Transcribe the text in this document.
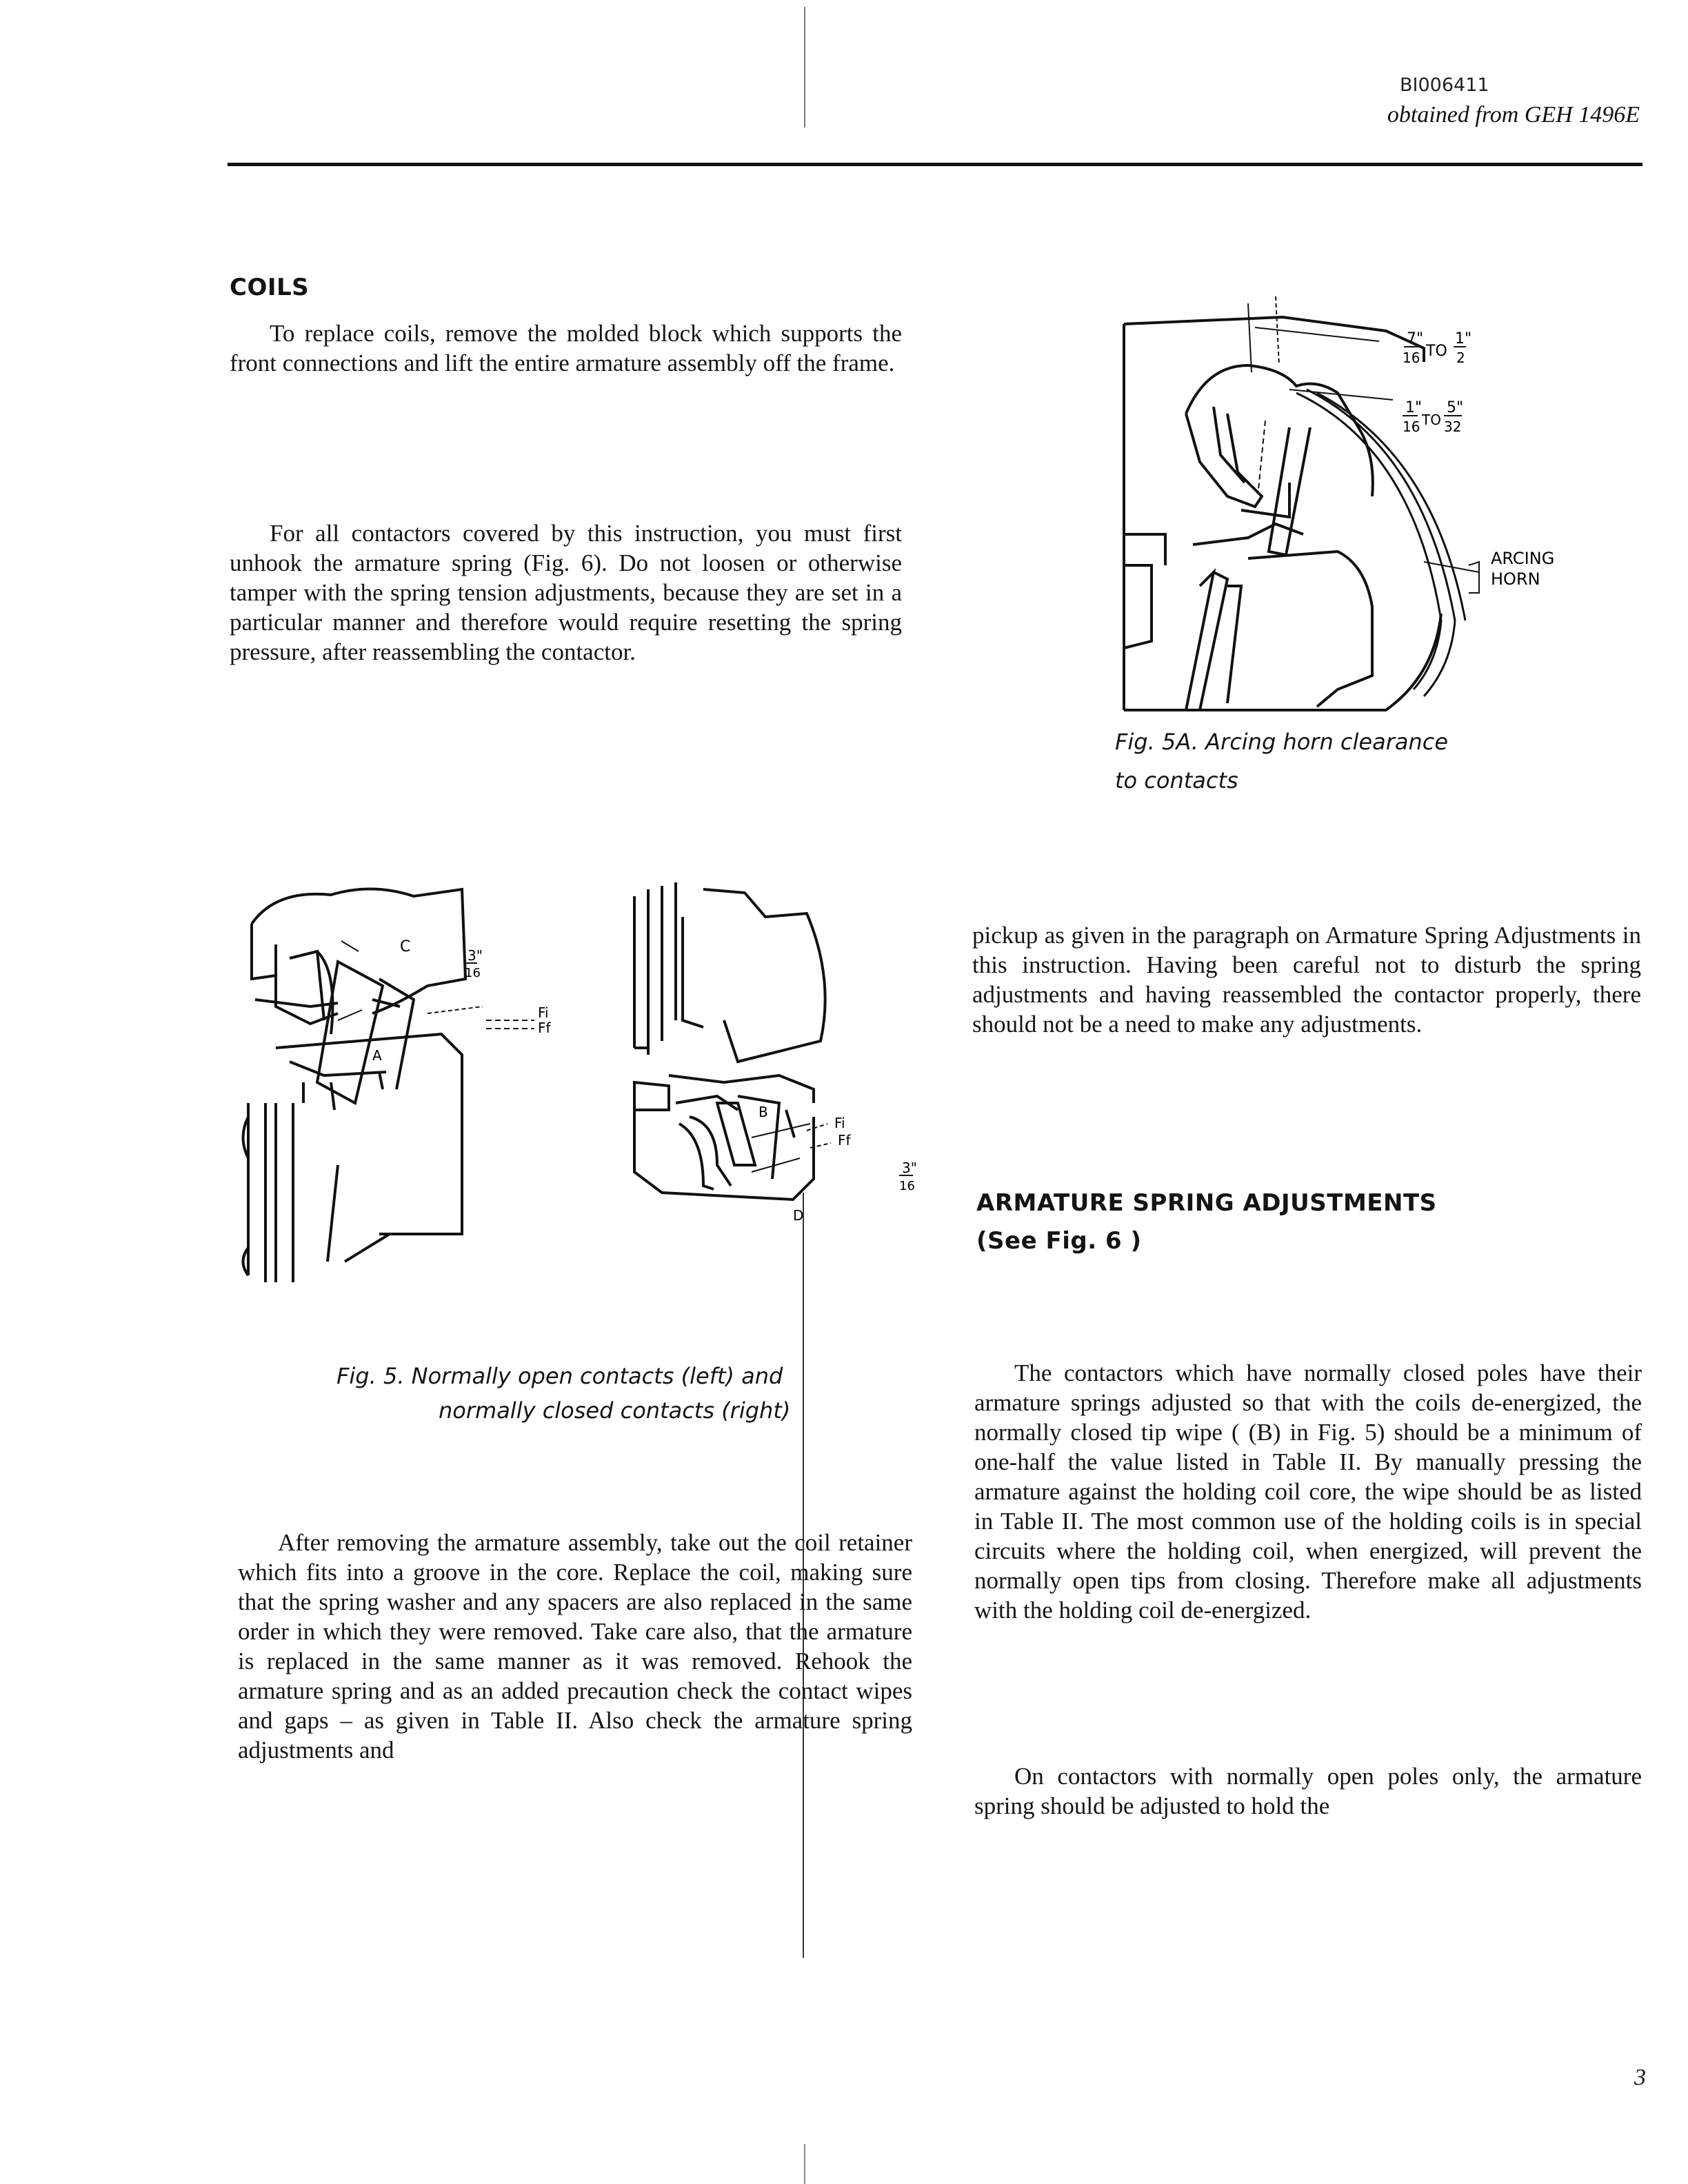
BI006411
obtained from GEH 1496E
COILS

To replace coils, remove the molded block which supports the front connections and lift the entire armature assembly off the frame.

For all contactors covered by this instruction, you must first unhook the armature spring (Fig. 6). Do not loosen or otherwise tamper with the spring tension adjustments, because they are set in a particular manner and therefore would require resetting the spring pressure, after reassembling the contactor.

C	3"
16
A
Fi
Ff
B
Fi
Ff
3"
16
D

Fig. 5. Normally open contacts (left) and

normally closed contacts (right)

After removing the armature assembly, take out the coil retainer which fits into a groove in the core. Replace the coil, making sure that the spring washer and any spacers are also replaced in the same order in which they were removed. Take care also, that the armature is replaced in the same manner as it was removed. Rehook the armature spring and as an added precaution check the contact wipes and gaps – as given in Table II. Also check the armature spring adjustments and

7"
16 TO
1"
2
1"
16 TO
5"
32
ARCING
HORN

Fig. 5A. Arcing horn clearance

to contacts

pickup as given in the paragraph on Armature Spring Adjustments in this instruction. Having been careful not to disturb the spring adjustments and having reassembled the contactor properly, there should not be a need to make any adjustments.

ARMATURE SPRING ADJUSTMENTS
(See Fig. 6 )

The contactors which have normally closed poles have their armature springs adjusted so that with the coils de-energized, the normally closed tip wipe ( (B) in Fig. 5) should be a minimum of one-half the value listed in Table II. By manually pressing the armature against the holding coil core, the wipe should be as listed in Table II. The most common use of the holding coils is in special circuits where the holding coil, when energized, will prevent the normally open tips from closing. Therefore make all adjustments with the holding coil de-energized.

On contactors with normally open poles only, the armature spring should be adjusted to hold the

3
